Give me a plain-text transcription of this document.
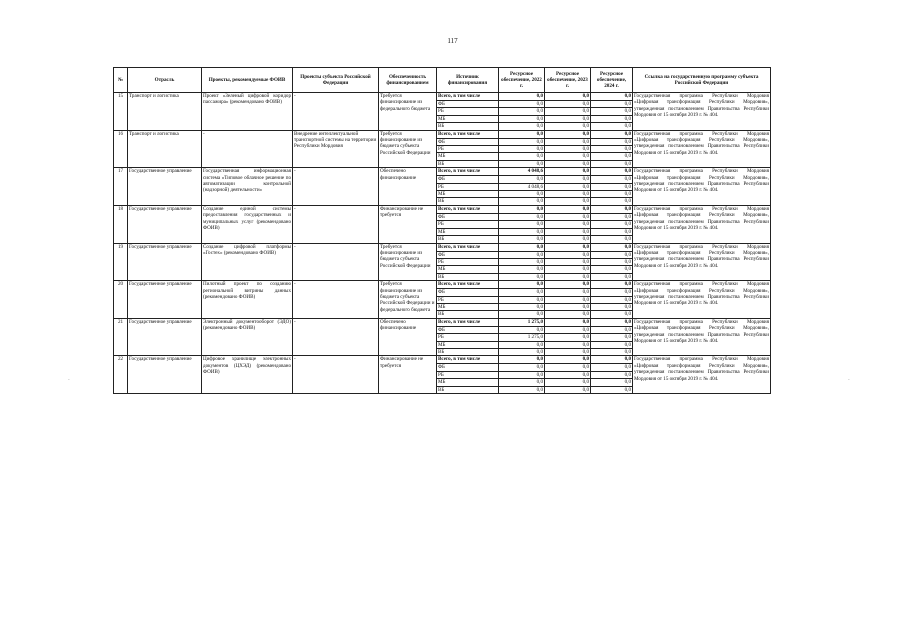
117
№	Отрасль	Проекты, рекомендуемые ФОИВ	Проекты субъекта Российской Федерации	Обеспеченность финансированием	Источник финансирования	Ресурсное обеспечение, 2022 г.	Ресурсное обеспечение, 2023 г.	Ресурсное обеспечение, 2024 г.	Ссылка на государственную программу субъекта Российской Федерации
15	Транспорт и логистика	Проект «Зеленый цифровой коридор пассажира» (рекомендовано ФОИВ)	-	Требуется финансирование из федерального бюджета	Всего, в том числе	0,0	0,0	0,0	Государственная программа Республики Мордовия «Цифровая трансформация Республики Мордовия», утвержденная постановлением Правительства Республики Мордовия от 15 октября 2019 г. № 404.
					ФБ	0,0	0,0	0,0	
					РБ	0,0	0,0	0,0	
					МБ	0,0	0,0	0,0	
					ВБ	0,0	0,0	0,0	
16	Транспорт и логистика	-	Внедрение интеллектуальной транспортной системы на территории Республики Мордовия	Требуется финансирование из бюджета субъекта Российской Федерации	Всего, в том числе	0,0	0,0	0,0	Государственная программа Республики Мордовия «Цифровая трансформация Республики Мордовия», утвержденная постановлением Правительства Республики Мордовия от 15 октября 2019 г. № 404.
					ФБ	0,0	0,0	0,0	
					РБ	0,0	0,0	0,0	
					МБ	0,0	0,0	0,0	
					ВБ	0,0	0,0	0,0	
17	Государственное управление	Государственная информационная система «Типовое облачное решение по автоматизации контрольной (надзорной) деятельности»	-	Обеспечено финансирование	Всего, в том числе	4 048,6	0,0	0,0	Государственная программа Республики Мордовия «Цифровая трансформация Республики Мордовия», утвержденная постановлением Правительства Республики Мордовия от 15 октября 2019 г. № 404.
					ФБ	0,0	0,0	0,0	
					РБ	4 048,6	0,0	0,0	
					МБ	0,0	0,0	0,0	
					ВБ	0,0	0,0	0,0	
18	Государственное управление	Создание единой системы предоставления государственных и муниципальных услуг (рекомендовано ФОИВ)	-	Финансирование не требуется	Всего, в том числе	0,0	0,0	0,0	Государственная программа Республики Мордовия «Цифровая трансформация Республики Мордовия», утвержденная постановлением Правительства Республики Мордовия от 15 октября 2019 г. № 404.
					ФБ	0,0	0,0	0,0	
					РБ	0,0	0,0	0,0	
					МБ	0,0	0,0	0,0	
					ВБ	0,0	0,0	0,0	
19	Государственное управление	Создание цифровой платформы «Гостех» (рекомендовано ФОИВ)	-	Требуется финансирование из бюджета субъекта Российской Федерации	Всего, в том числе	0,0	0,0	0,0	Государственная программа Республики Мордовия «Цифровая трансформация Республики Мордовия», утвержденная постановлением Правительства Республики Мордовия от 15 октября 2019 г. № 404.
					ФБ	0,0	0,0	0,0	
					РБ	0,0	0,0	0,0	
					МБ	0,0	0,0	0,0	
					ВБ	0,0	0,0	0,0	
20	Государственное управление	Пилотный проект по созданию региональной витрины данных (рекомендовано ФОИВ)	-	Требуется финансирование из бюджета субъекта Российской Федерации и федерального бюджета	Всего, в том числе	0,0	0,0	0,0	Государственная программа Республики Мордовия «Цифровая трансформация Республики Мордовия», утвержденная постановлением Правительства Республики Мордовия от 15 октября 2019 г. № 404.
					ФБ	0,0	0,0	0,0	
					РБ	0,0	0,0	0,0	
					МБ	0,0	0,0	0,0	
					ВБ	0,0	0,0	0,0	
21	Государственное управление	Электронный документооборот (ЭДО) (рекомендовано ФОИВ)	-	Обеспечено финансирование	Всего, в том числе	1 275,0	0,0	0,0	Государственная программа Республики Мордовия «Цифровая трансформация Республики Мордовия», утвержденная постановлением Правительства Республики Мордовия от 15 октября 2019 г. № 404.
					ФБ	0,0	0,0	0,0	
					РБ	1 275,0	0,0	0,0	
					МБ	0,0	0,0	0,0	
					ВБ	0,0	0,0	0,0	
22	Государственное управление	Цифровое хранилище электронных документов (ЦХЭД) (рекомендовано ФОИВ)	-	Финансирование не требуется	Всего, в том числе	0,0	0,0	0,0	Государственная программа Республики Мордовия «Цифровая трансформация Республики Мордовия», утвержденная постановлением Правительства Республики Мордовия от 15 октября 2019 г. № 404.
					ФБ	0,0	0,0	0,0	
					РБ	0,0	0,0	0,0	
					МБ	0,0	0,0	0,0	
					ВБ	0,0	0,0	0,0	
-	-
